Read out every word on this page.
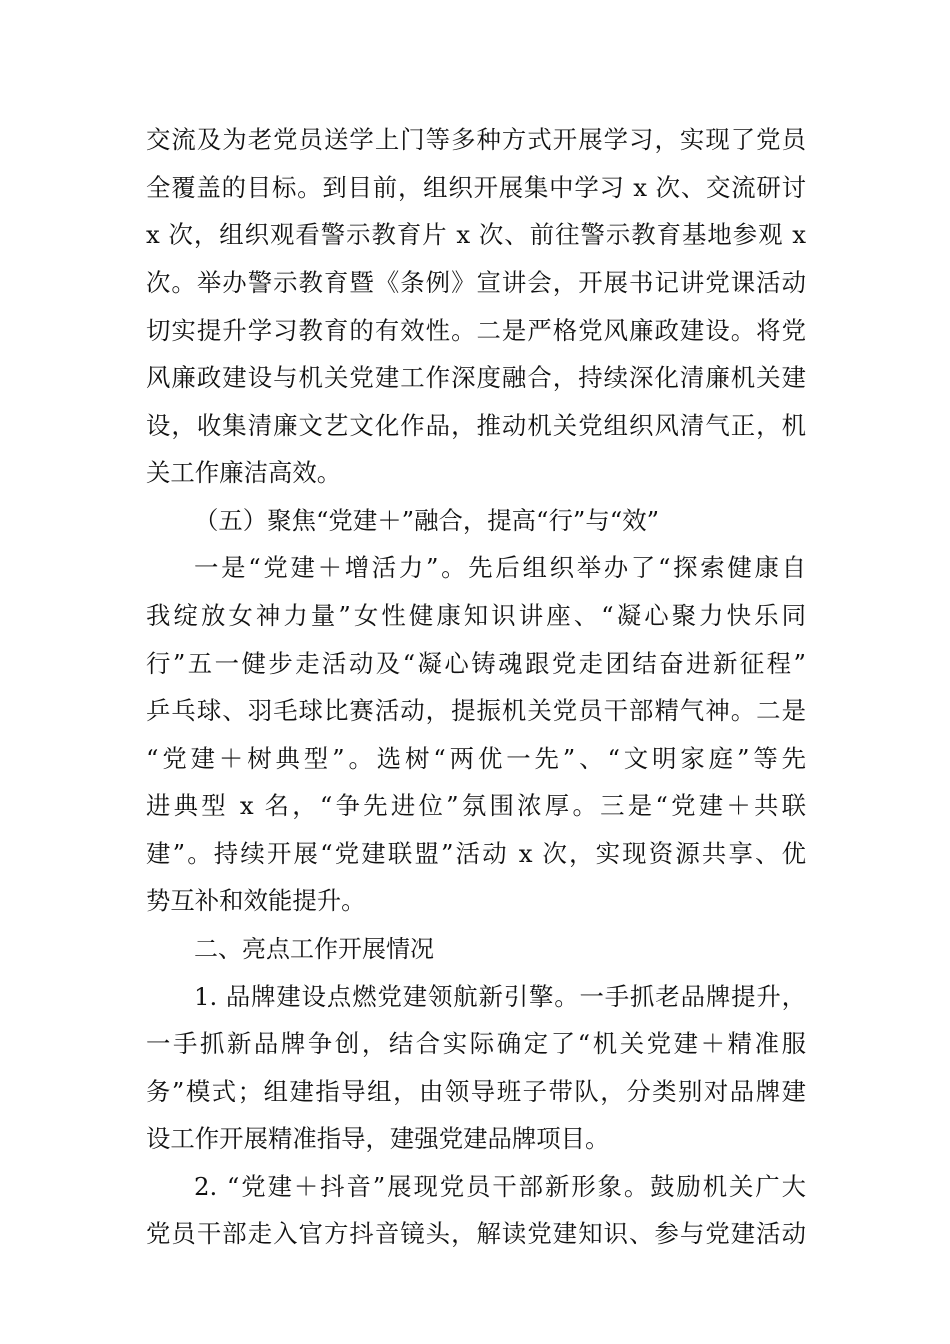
交流及为老党员送学上门等多种方式开展学习，实现了党员
全覆盖的目标。到目前，组织开展集中学习 x 次、交流研讨
x 次，组织观看警示教育片 x 次、前往警示教育基地参观 x
次。举办警示教育暨《条例》宣讲会，开展书记讲党课活动
切实提升学习教育的有效性。二是严格党风廉政建设。将党
风廉政建设与机关党建工作深度融合，持续深化清廉机关建
设，收集清廉文艺文化作品，推动机关党组织风清气正，机
关工作廉洁高效。
（五）聚焦“党建＋”融合，提高“行”与“效”
一是“党建＋增活力”。先后组织举办了“探索健康自
我绽放女神力量”女性健康知识讲座、“凝心聚力快乐同
行”五一健步走活动及“凝心铸魂跟党走团结奋进新征程”
乒乓球、羽毛球比赛活动，提振机关党员干部精气神。二是
“党建＋树典型”。选树“两优一先”、“文明家庭”等先
进典型 x 名，“争先进位”氛围浓厚。三是“党建＋共联
建”。持续开展“党建联盟”活动 x 次，实现资源共享、优
势互补和效能提升。
二、亮点工作开展情况
1. 品牌建设点燃党建领航新引擎。一手抓老品牌提升，
一手抓新品牌争创，结合实际确定了“机关党建＋精准服
务”模式；组建指导组，由领导班子带队，分类别对品牌建
设工作开展精准指导，建强党建品牌项目。
2. “党建＋抖音”展现党员干部新形象。鼓励机关广大
党员干部走入官方抖音镜头，解读党建知识、参与党建活动
